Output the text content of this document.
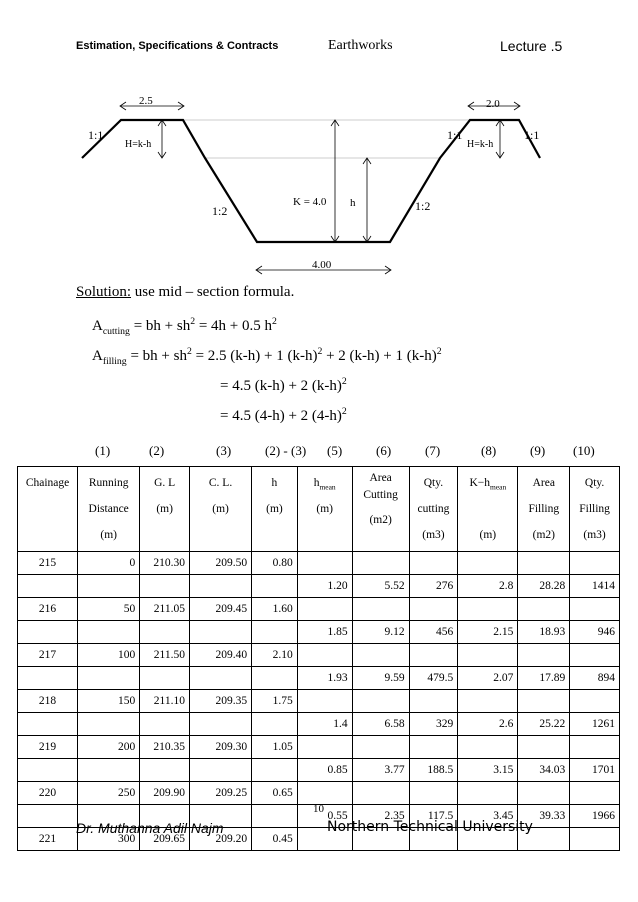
Estimation, Specifications & Contracts	Earthworks	Lecture .5
2.5	2.0
1:1	1:1	1:1
H=k-h	H=k-h
1:2	1:2
K = 4.0 h
4.00
Solution: use mid – section formula.
$A_{cutting}$ = bh + $sh^2 = 4h + 0.5$ $h^2$
$A_{filling}$ = bh + $sh^2 = 2.5$ (k-h) + 1 $(k-h)^2 + 2$ (k-h) + 1 $(k-h)^2$
= 4.5 (k-h) + 2 $(k-h)^2$
= 4.5 (4-h) + 2 $(4-h)^2$
(1)	(2)	(3)	(2) - (3) (5)	(6)	(7)	(8)	(9) (10)
Chainage	Running
Distance
(m)	G. L
(m)	C. L.
(m)	h
(m)	$h_{mean}$
(m)	Area
Cutting
(m2)	Qty.
cutting
(m3)	$K-h_{mean}$

(m)	Area
Filling
(m2)	Qty.
Filling
(m3)

215	0	210.30	209.50	0.80						
					1.20	5.52	276	2.8	28.28	1414
216	50	211.05	209.45	1.60						
					1.85	9.12	456	2.15	18.93	946
217	100	211.50	209.40	2.10						
					1.93	9.59	479.5	2.07	17.89	894
218	150	211.10	209.35	1.75						
					1.4	6.58	329	2.6	25.22	1261
219	200	210.35	209.30	1.05						
					0.85	3.77	188.5	3.15	34.03	1701
220	250	209.90	209.25	0.65						
					0.55	2.35	117.5	3.45	39.33	1966
221	300	209.65	209.20	0.45						
10
Dr. Muthanna Adil Najm	Northern Technical University
